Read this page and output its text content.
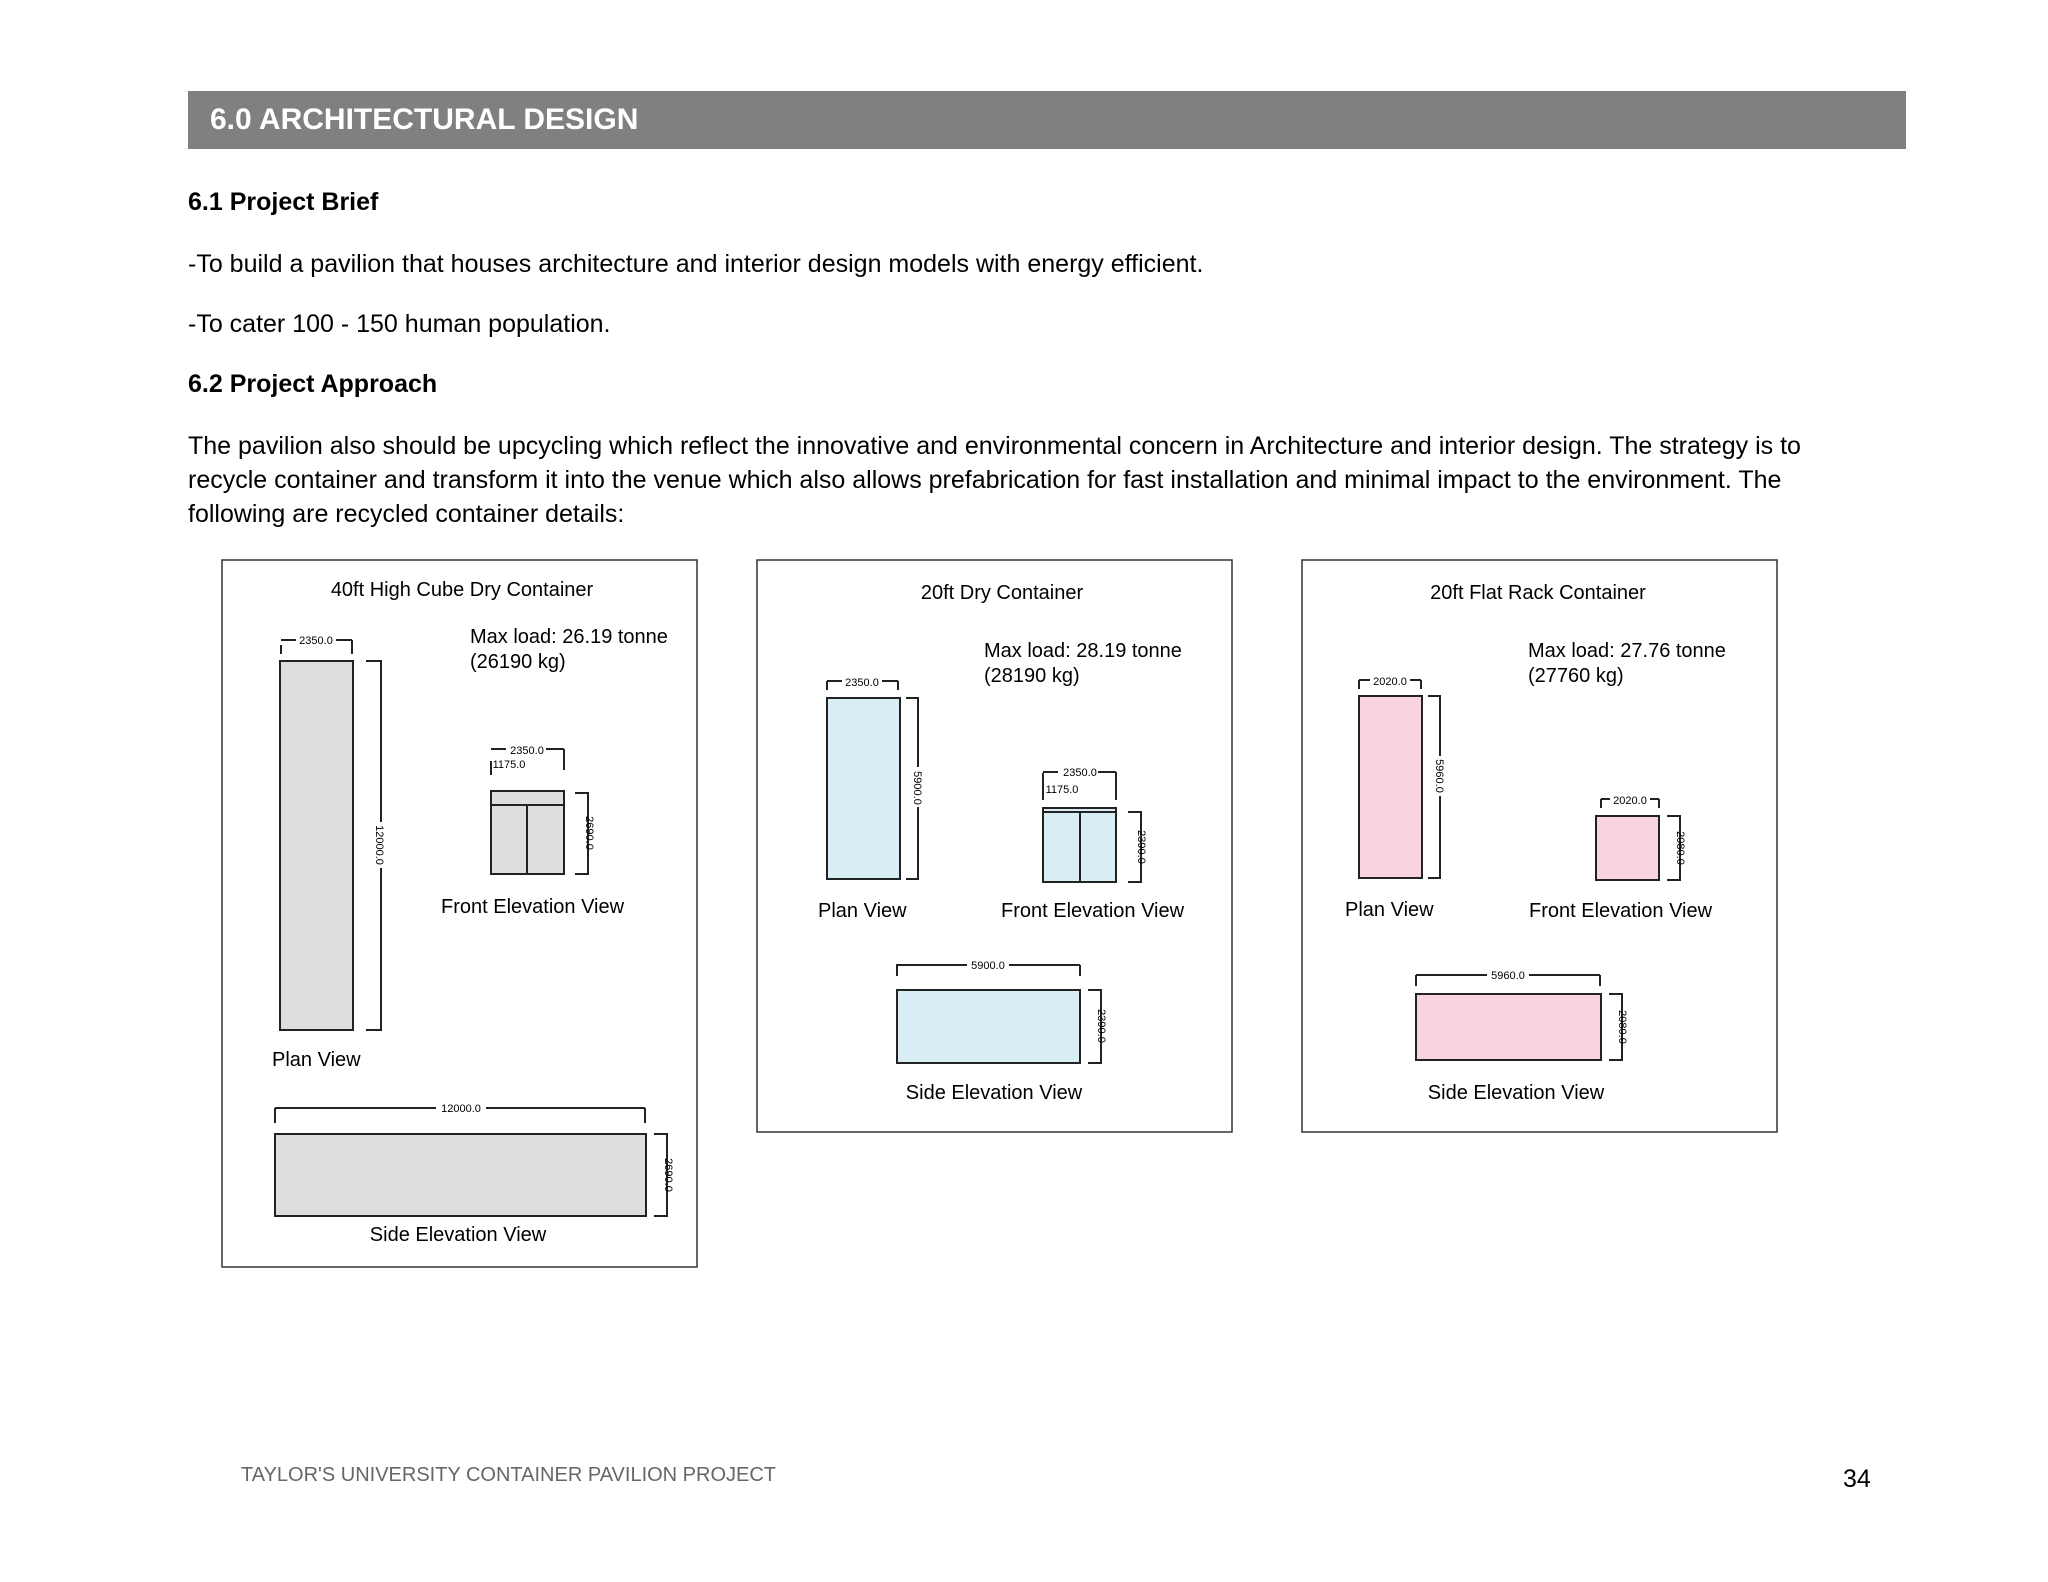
6.0 ARCHITECTURAL DESIGN
6.1 Project Brief
-To build a pavilion that houses architecture and interior design models with energy efficient.
-To cater 100 - 150 human population.
6.2 Project Approach
The pavilion also should be upcycling which reflect the innovative and environmental concern in Architecture and interior design. The strategy is to
recycle container and transform it into the venue which also allows prefabrication for fast installation and minimal impact to the environment. The
following are recycled container details:
40ft High Cube Dry Container
Max load: 26.19 tonne
(26190 kg)
2350.0
12000.0
Plan View
2350.0
1175.0
2690.0
Front Elevation View
12000.0
2690.0
Side Elevation View
20ft Dry Container
Max load: 28.19 tonne
(28190 kg)
2350.0
5900.0
Plan View
2350.0
1175.0
2390.0
Front Elevation View
5900.0
2390.0
Side Elevation View
20ft Flat Rack Container
Max load: 27.76 tonne
(27760 kg)
2020.0
5960.0
Plan View
2020.0
2080.0
Front Elevation View
5960.0
2080.0
Side Elevation View
TAYLOR'S UNIVERSITY CONTAINER PAVILION PROJECT	34
